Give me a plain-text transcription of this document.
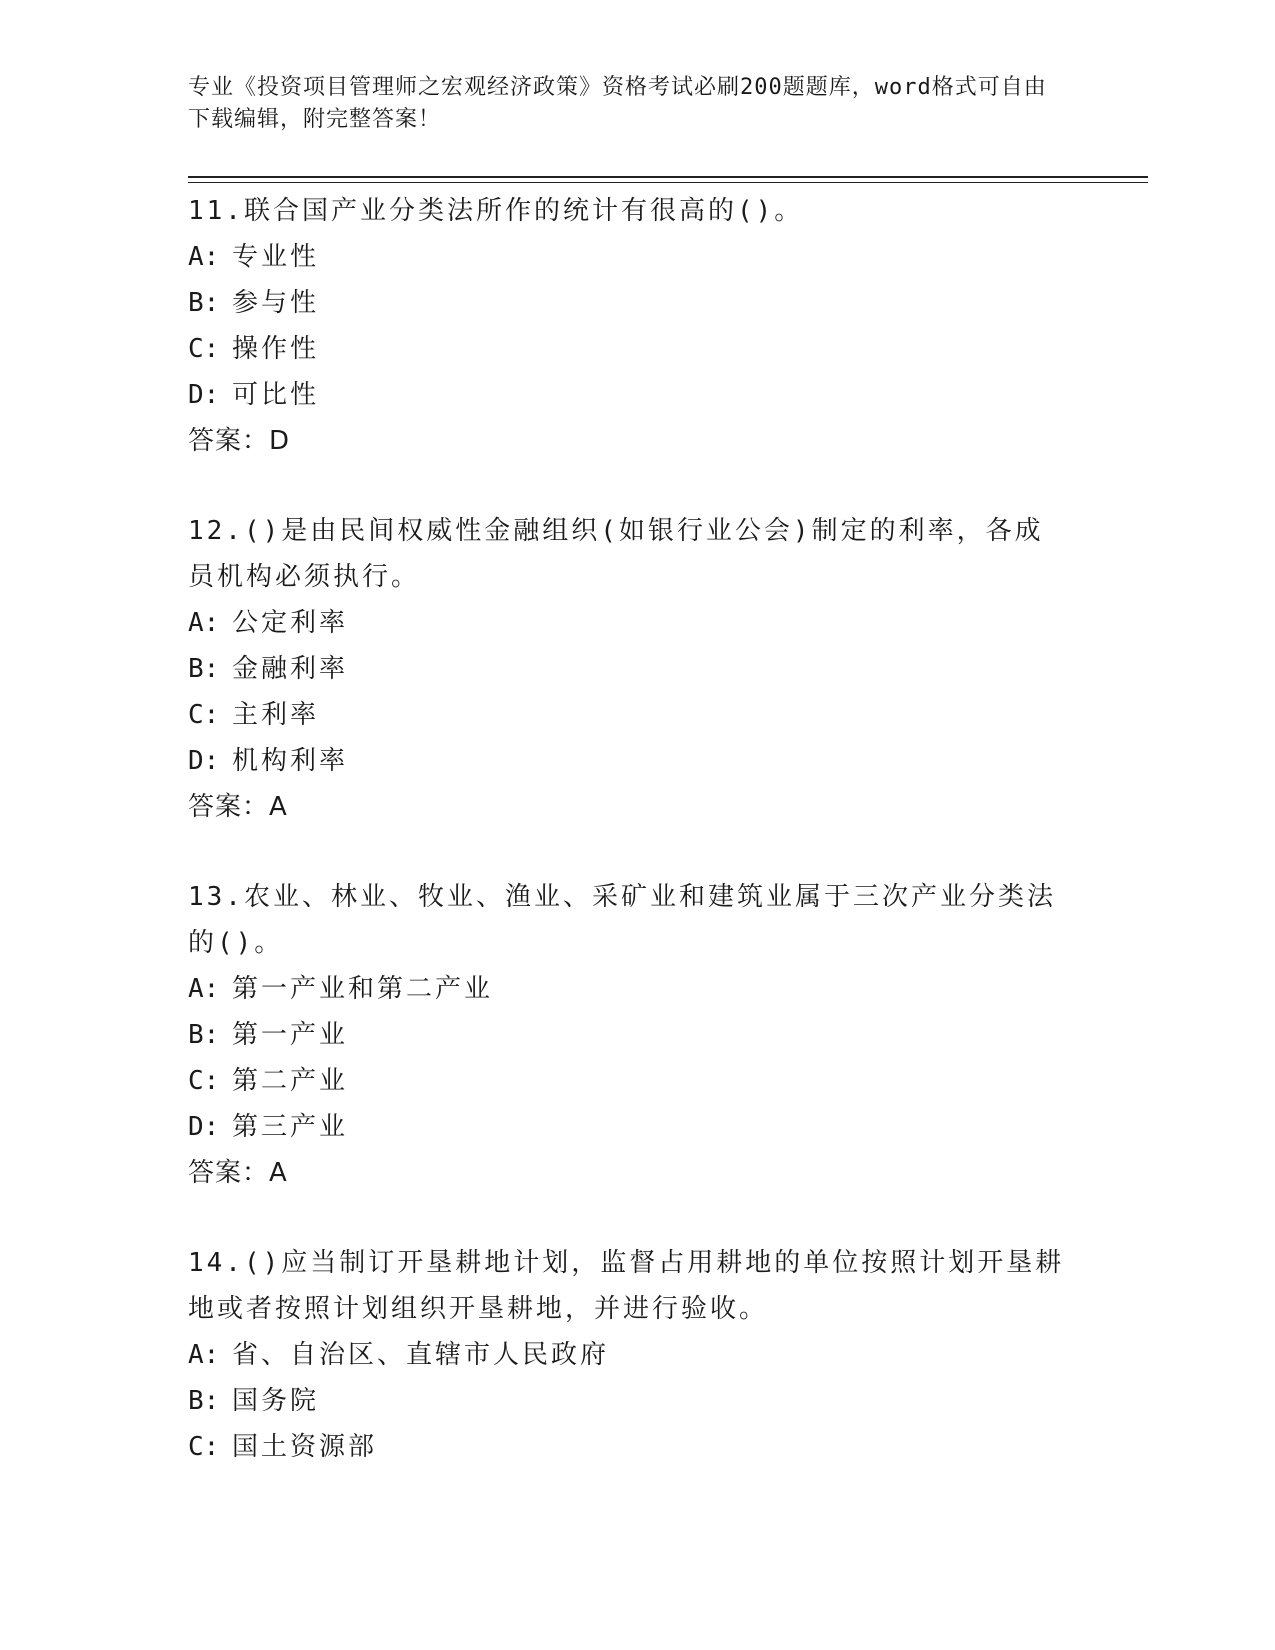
专业《投资项目管理师之宏观经济政策》资格考试必刷200题题库，word格式可自由下载编辑，附完整答案！
11.联合国产业分类法所作的统计有很高的()。
A: 专业性
B: 参与性
C: 操作性
D: 可比性
答案：D
12.()是由民间权威性金融组织(如银行业公会)制定的利率，各成员机构必须执行。
A: 公定利率
B: 金融利率
C: 主利率
D: 机构利率
答案：A
13.农业、林业、牧业、渔业、采矿业和建筑业属于三次产业分类法的()。
A: 第一产业和第二产业
B: 第一产业
C: 第二产业
D: 第三产业
答案：A
14.()应当制订开垦耕地计划，监督占用耕地的单位按照计划开垦耕地或者按照计划组织开垦耕地，并进行验收。
A: 省、自治区、直辖市人民政府
B: 国务院
C: 国土资源部
